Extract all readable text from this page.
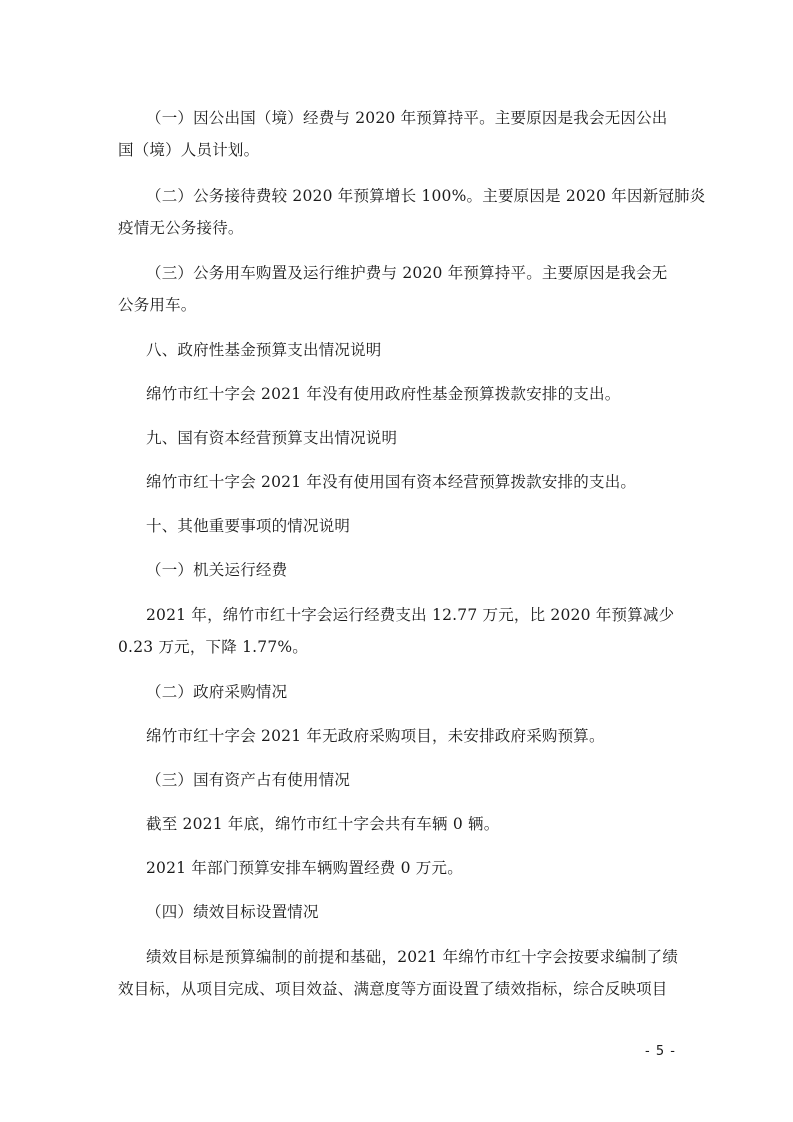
（一）因公出国（境）经费与 2020 年预算持平。主要原因是我会无因公出
国（境）人员计划。
（二）公务接待费较 2020 年预算增长 100%。主要原因是 2020 年因新冠肺炎
疫情无公务接待。
（三）公务用车购置及运行维护费与 2020 年预算持平。主要原因是我会无
公务用车。
八、政府性基金预算支出情况说明
绵竹市红十字会 2021 年没有使用政府性基金预算拨款安排的支出。
九、国有资本经营预算支出情况说明
绵竹市红十字会 2021 年没有使用国有资本经营预算拨款安排的支出。
十、其他重要事项的情况说明
（一）机关运行经费
2021 年，绵竹市红十字会运行经费支出 12.77 万元，比 2020 年预算减少
0.23 万元，下降 1.77%。
（二）政府采购情况
绵竹市红十字会 2021 年无政府采购项目，未安排政府采购预算。
（三）国有资产占有使用情况
截至 2021 年底，绵竹市红十字会共有车辆 0 辆。
2021 年部门预算安排车辆购置经费 0 万元。
（四）绩效目标设置情况
绩效目标是预算编制的前提和基础，2021 年绵竹市红十字会按要求编制了绩
效目标，从项目完成、项目效益、满意度等方面设置了绩效指标，综合反映项目
- 5 -
